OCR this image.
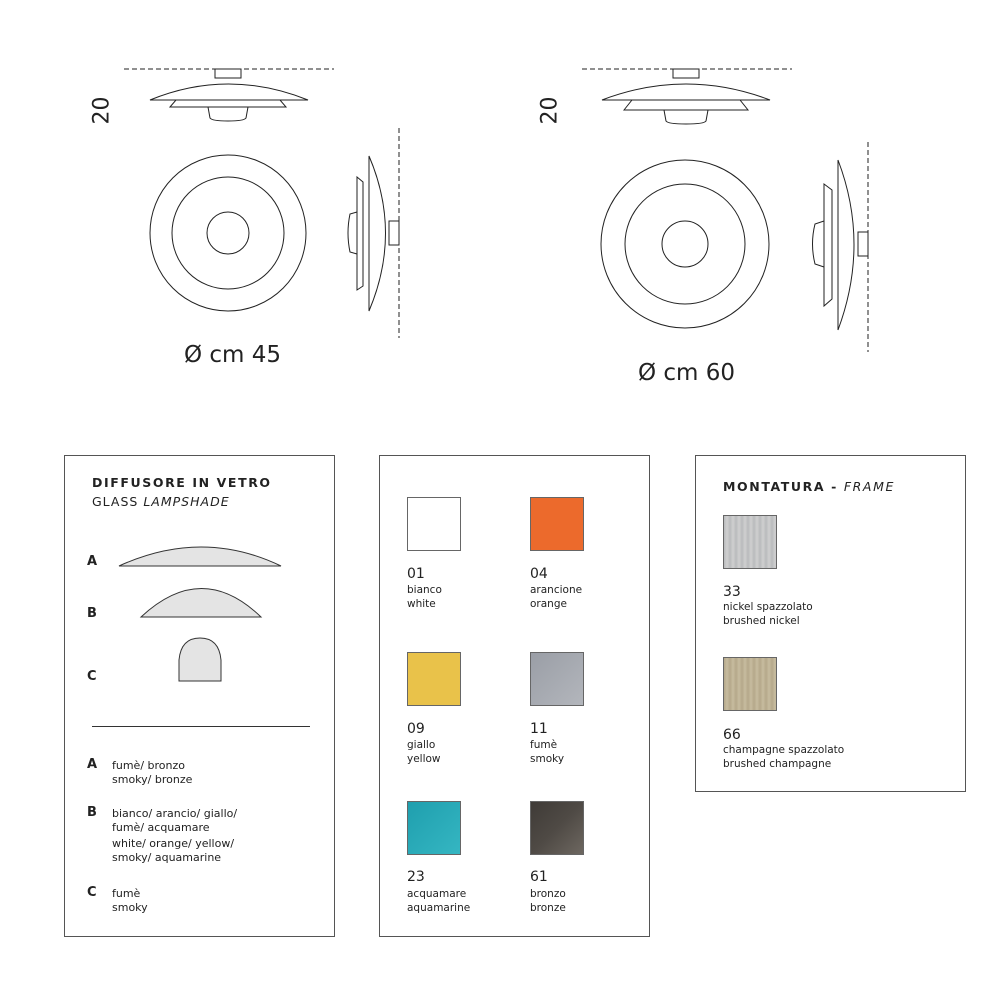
20	20
Ø cm 45
Ø cm 60
DIFFUSORE IN VETRO
GLASS LAMPSHADE
A
B
C
A fumè/ bronzo
smoky/ bronze
B bianco/ arancio/ giallo/
fumè/ acquamare
white/ orange/ yellow/
smoky/ aquamarine
C fumè
smoky
01
bianco
white
04
arancione
orange
09
giallo
yellow
11
fumè
smoky
23
acquamare
aquamarine
61
bronzo
bronze
MONTATURA - FRAME
33
nickel spazzolato
brushed nickel
66
champagne spazzolato
brushed champagne
